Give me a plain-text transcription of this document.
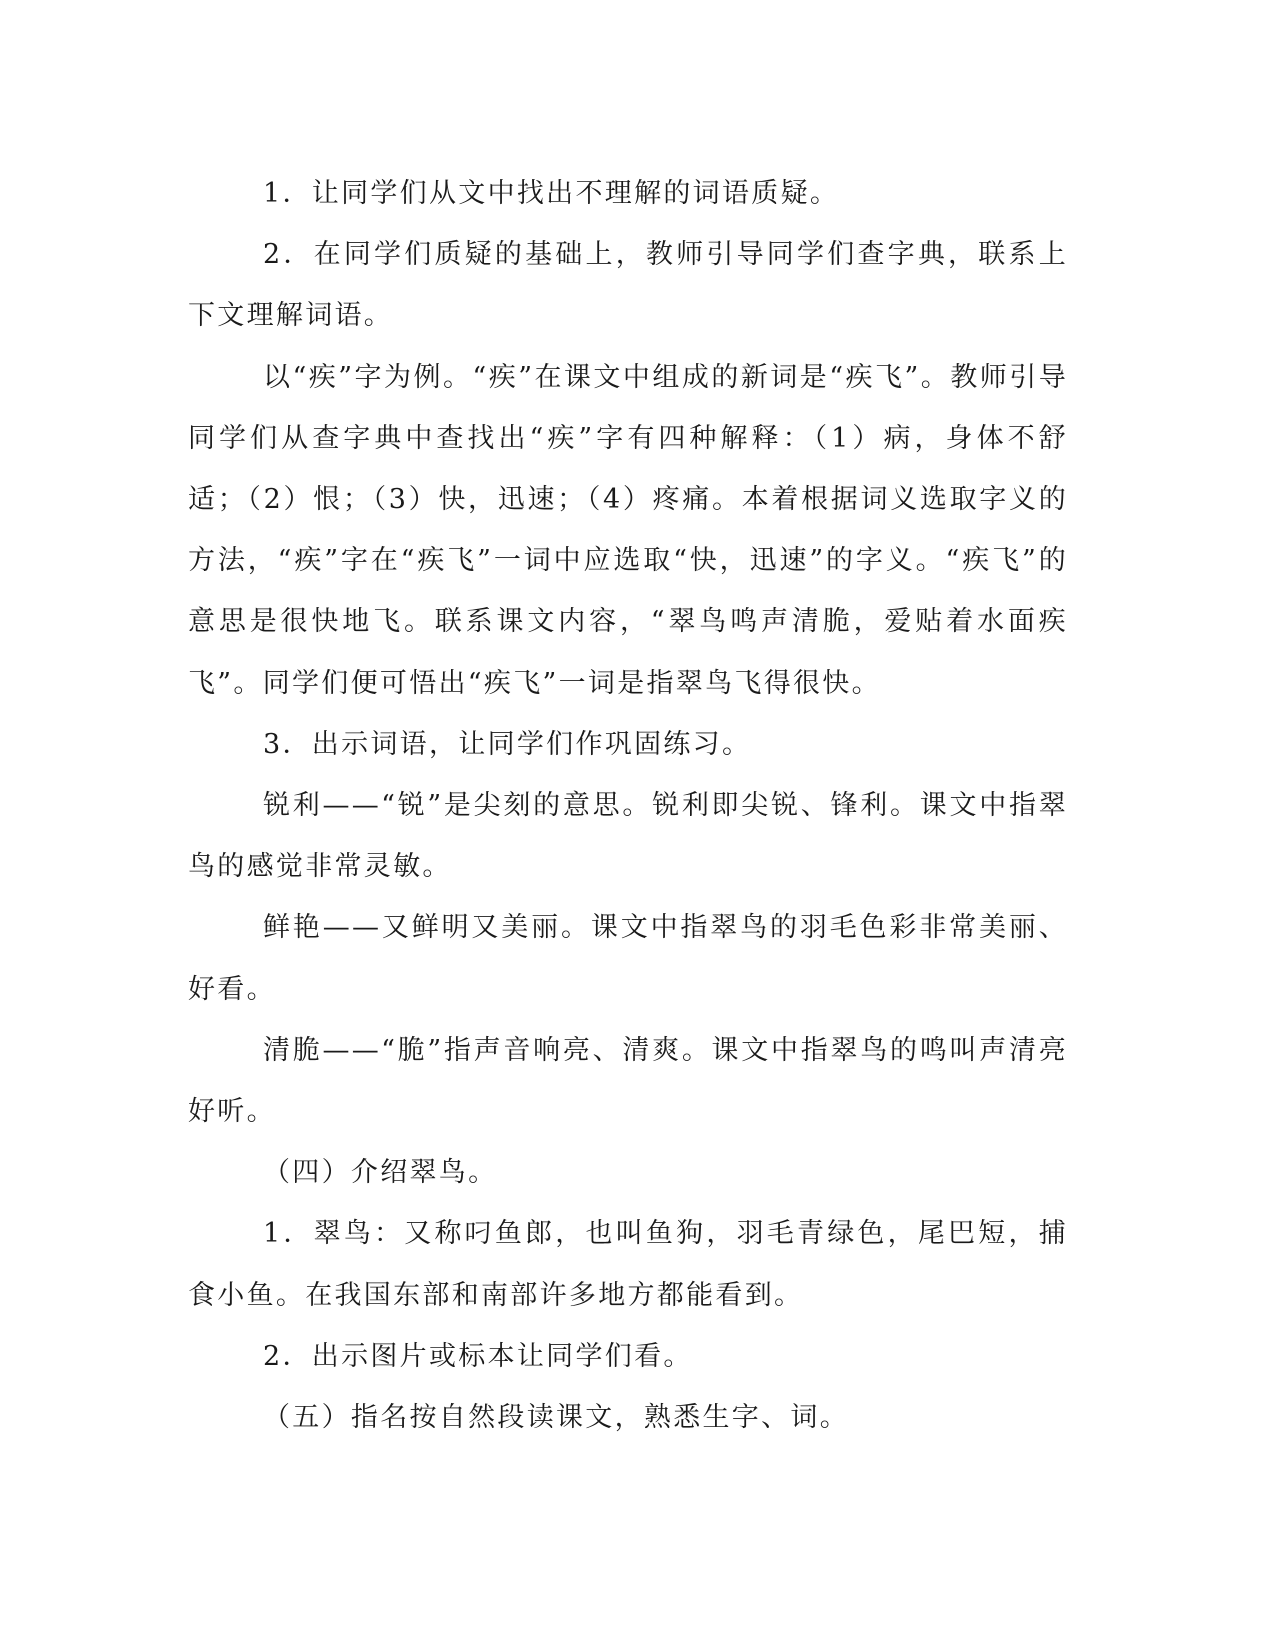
1．让同学们从文中找出不理解的词语质疑。

2．在同学们质疑的基础上，教师引导同学们查字典，联系上下文理解词语。

以“疾”字为例。“疾”在课文中组成的新词是“疾飞”。教师引导同学们从查字典中查找出“疾”字有四种解释：（1）病，身体不舒适；（2）恨；（3）快，迅速；（4）疼痛。本着根据词义选取字义的方法，“疾”字在“疾飞”一词中应选取“快，迅速”的字义。“疾飞”的意思是很快地飞。联系课文内容，“翠鸟鸣声清脆，爱贴着水面疾飞”。同学们便可悟出“疾飞”一词是指翠鸟飞得很快。

3．出示词语，让同学们作巩固练习。

锐利——“锐”是尖刻的意思。锐利即尖锐、锋利。课文中指翠鸟的感觉非常灵敏。

鲜艳——又鲜明又美丽。课文中指翠鸟的羽毛色彩非常美丽、好看。

清脆——“脆”指声音响亮、清爽。课文中指翠鸟的鸣叫声清亮好听。

（四）介绍翠鸟。

1．翠鸟：又称叼鱼郎，也叫鱼狗，羽毛青绿色，尾巴短，捕食小鱼。在我国东部和南部许多地方都能看到。

2．出示图片或标本让同学们看。

（五）指名按自然段读课文，熟悉生字、词。
